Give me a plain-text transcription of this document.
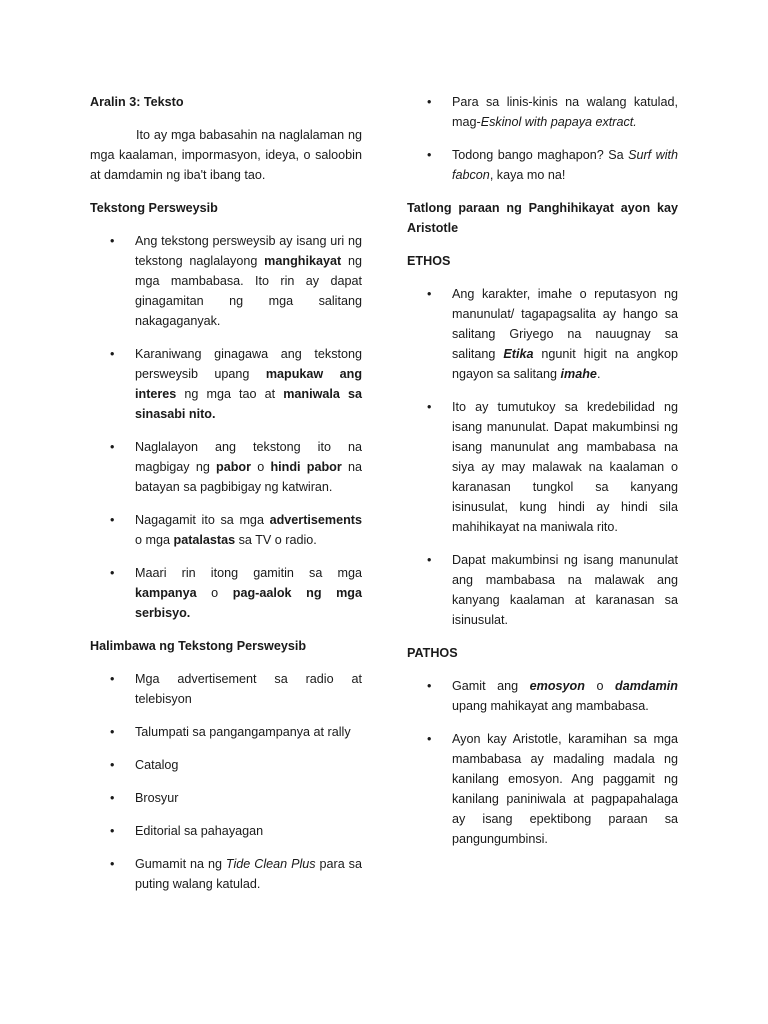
Aralin 3: Teksto

Ito ay mga babasahin na naglalaman ng mga kaalaman, impormasyon, ideya, o saloobin at damdamin ng iba't ibang tao.

Tekstong Persweysib
• Ang tekstong persweysib ay isang uri ng tekstong naglalayong manghikayat ng mga mambabasa. Ito rin ay dapat ginagamitan ng mga salitang nakagaganyak.
• Karaniwang ginagawa ang tekstong persweysib upang mapukaw ang interes ng mga tao at maniwala sa sinasabi nito.
• Naglalayon ang tekstong ito na magbigay ng pabor o hindi pabor na batayan sa pagbibigay ng katwiran.
• Nagagamit ito sa mga advertisements o mga patalastas sa TV o radio.
• Maari rin itong gamitin sa mga kampanya o pag-aalok ng mga serbisyo.
Halimbawa ng Tekstong Persweysib
• Mga advertisement sa radio at telebisyon
• Talumpati sa pangangampanya at rally
• Catalog
• Brosyur
• Editorial sa pahayagan
• Gumamit na ng Tide Clean Plus para sa puting walang katulad.
• Para sa linis-kinis na walang katulad, mag-Eskinol with papaya extract.
• Todong bango maghapon? Sa Surf with fabcon, kaya mo na!
Tatlong paraan ng Panghihikayat ayon kay Aristotle
ETHOS
• Ang karakter, imahe o reputasyon ng manunulat/ tagapagsalita ay hango sa salitang Griyego na nauugnay sa salitang Etika ngunit higit na angkop ngayon sa salitang imahe.
• Ito ay tumutukoy sa kredebilidad ng isang manunulat. Dapat makumbinsi ng isang manunulat ang mambabasa na siya ay may malawak na kaalaman o karanasan tungkol sa kanyang isinusulat, kung hindi ay hindi sila mahihikayat na maniwala rito.
• Dapat makumbinsi ng isang manunulat ang mambabasa na malawak ang kanyang kaalaman at karanasan sa isinusulat.
PATHOS
• Gamit ang emosyon o damdamin upang mahikayat ang mambabasa.
• Ayon kay Aristotle, karamihan sa mga mambabasa ay madaling madala ng kanilang emosyon. Ang paggamit ng kanilang paniniwala at pagpapahalaga ay isang epektibong paraan sa pangungumbinsi.
